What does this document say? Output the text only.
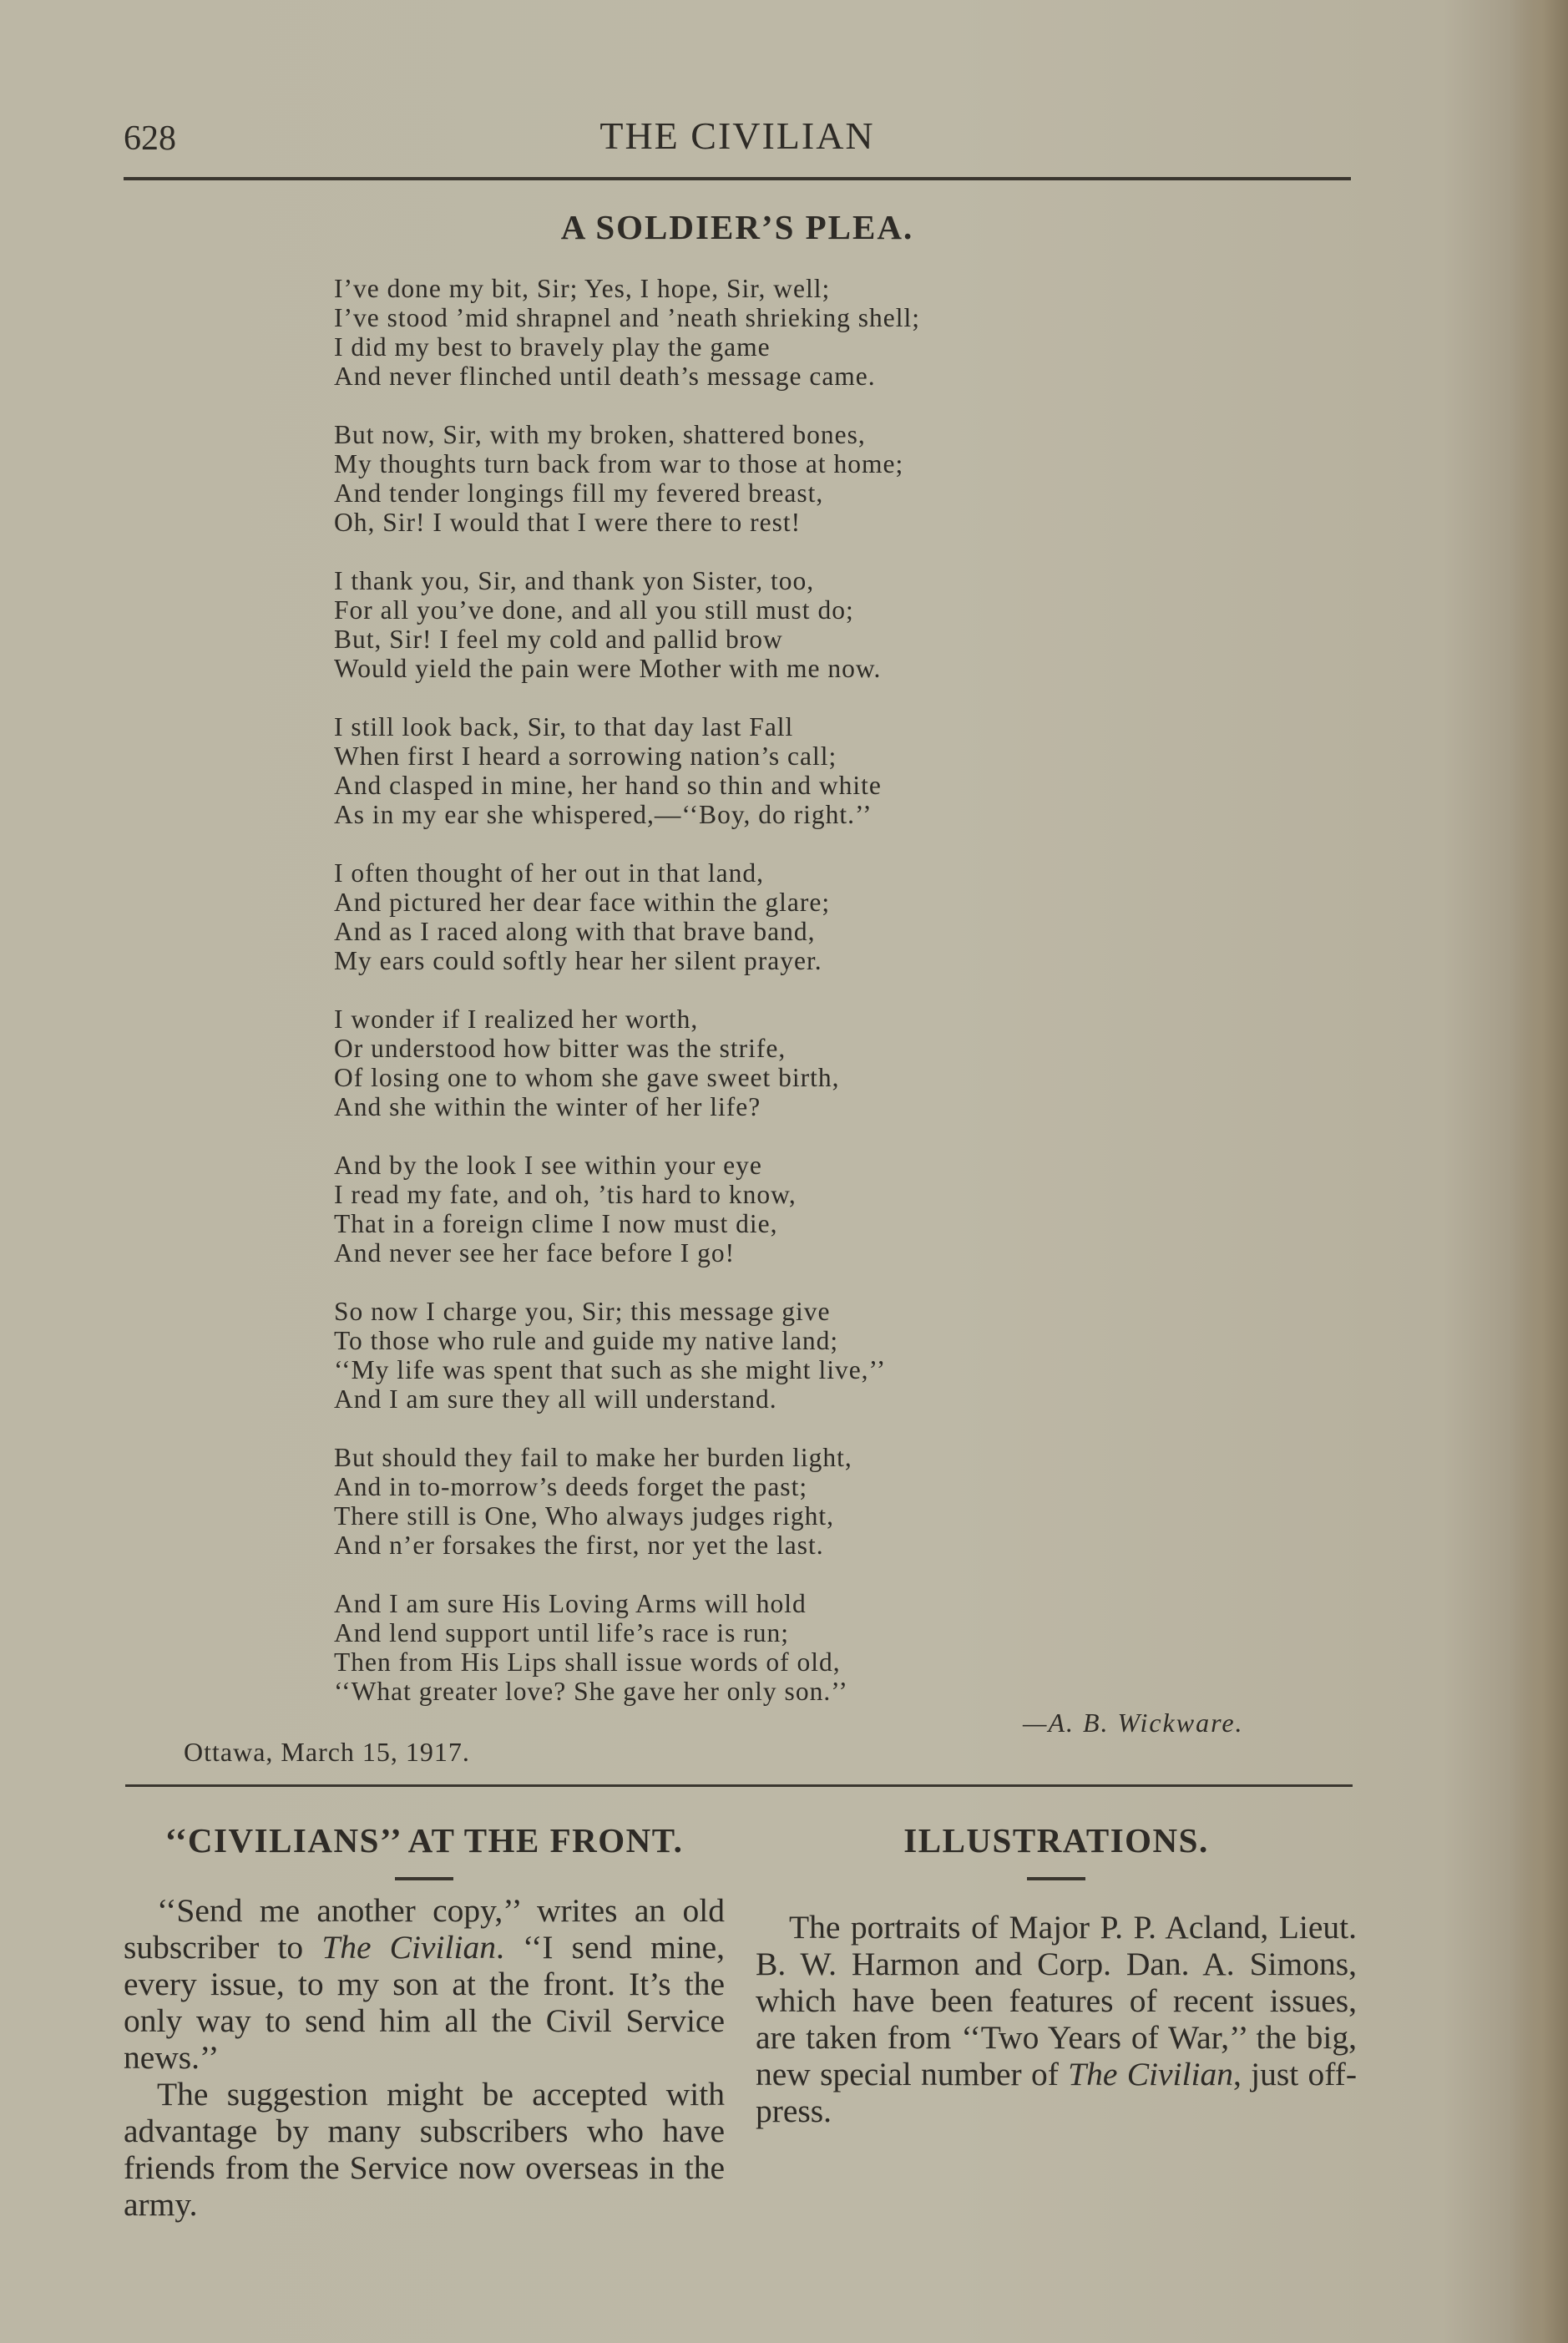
628	THE CIVILIAN
A SOLDIER’S PLEA.
I’ve done my bit, Sir; Yes, I hope, Sir, well;
I’ve stood ’mid shrapnel and ’neath shrieking shell;
I did my best to bravely play the game
And never flinched until death’s message came.
But now, Sir, with my broken, shattered bones,
My thoughts turn back from war to those at home;
And tender longings fill my fevered breast,
Oh, Sir! I would that I were there to rest!
I thank you, Sir, and thank yon Sister, too,
For all you’ve done, and all you still must do;
But, Sir! I feel my cold and pallid brow
Would yield the pain were Mother with me now.
I still look back, Sir, to that day last Fall
When first I heard a sorrowing nation’s call;
And clasped in mine, her hand so thin and white
As in my ear she whispered,—‘‘Boy, do right.’’
I often thought of her out in that land,
And pictured her dear face within the glare;
And as I raced along with that brave band,
My ears could softly hear her silent prayer.
I wonder if I realized her worth,
Or understood how bitter was the strife,
Of losing one to whom she gave sweet birth,
And she within the winter of her life?
And by the look I see within your eye
I read my fate, and oh, ’tis hard to know,
That in a foreign clime I now must die,
And never see her face before I go!
So now I charge you, Sir; this message give
To those who rule and guide my native land;
‘‘My life was spent that such as she might live,’’
And I am sure they all will understand.
But should they fail to make her burden light,
And in to-morrow’s deeds forget the past;
There still is One, Who always judges right,
And n’er forsakes the first, nor yet the last.
And I am sure His Loving Arms will hold
And lend support until life’s race is run;
Then from His Lips shall issue words of old,
‘‘What greater love? She gave her only son.’’
—A. B. Wickware.
Ottawa, March 15, 1917.
‘‘CIVILIANS’’ AT THE FRONT.

‘‘Send me another copy,’’ writes an old subscriber to The Civilian. ‘‘I send mine, every issue, to my son at the front. It’s the only way to send him all the Civil Service news.’’

The suggestion might be accepted with advantage by many subscribers who have friends from the Service now overseas in the army.

ILLUSTRATIONS.

The portraits of Major P. P. Acland, Lieut. B. W. Harmon and Corp. Dan. A. Simons, which have been features of recent issues, are taken from ‘‘Two Years of War,’’ the big, new special number of The Civilian, just off-press.
